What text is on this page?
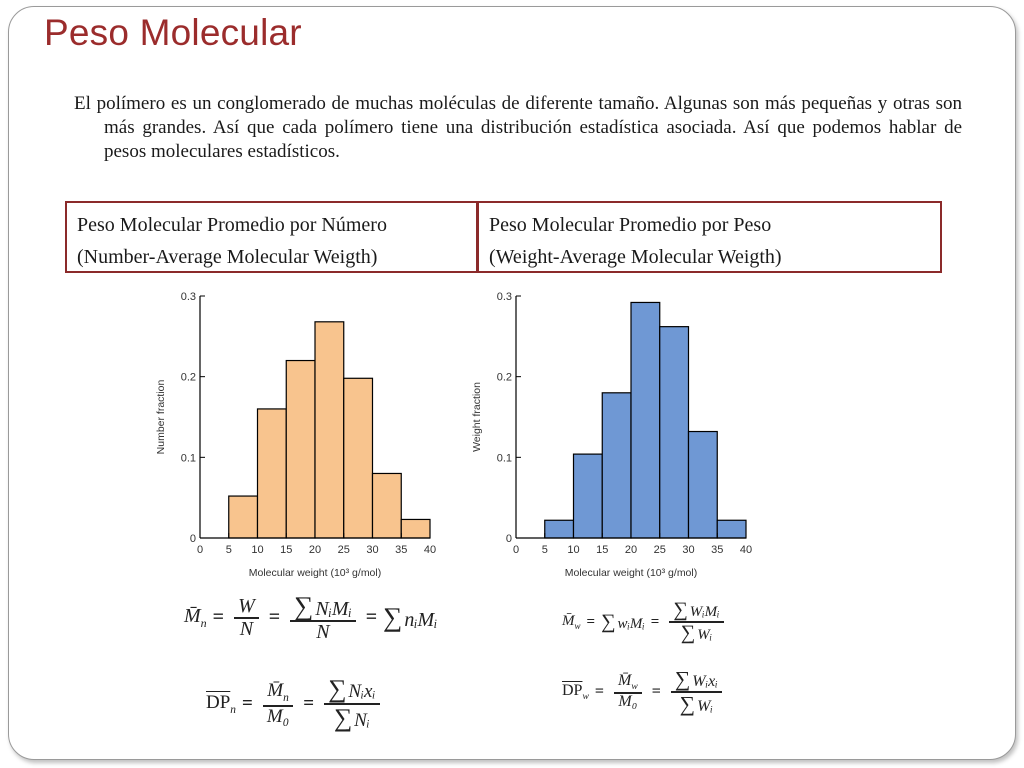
Peso Molecular
El polímero es un conglomerado de muchas moléculas de diferente tamaño. Algunas son más pequeñas y otras son más grandes. Así que cada polímero tiene una distribución estadística asociada. Así que podemos hablar de pesos moleculares estadísticos.
Peso Molecular Promedio por Número
(Number-Average Molecular Weigth)
Peso Molecular Promedio por Peso
(Weight-Average Molecular Weigth)
0
0.1
0.2
0.3
0 5 10 15 20 25 30 35 40
Molecular weight (10³ g/mol)
Number fraction
0
0.1
0.2
0.3
0 5 10 15 20 25 30 35 40
Molecular weight (10³ g/mol)
Weight fraction
$M̄_n = \frac{W}{N} = \frac{\text{∑ NᵢMᵢ}}{N}$ = ∑ nᵢMᵢ
$\overline{DP}_n = \frac{M̄_n}{\text{M₀}} = \frac{\text{∑ Nᵢxᵢ}}{\text{∑ Nᵢ}}$
$M̄_w$ = ∑ wᵢMᵢ = $\frac{\text{∑ WᵢMᵢ}}{\text{∑ Wᵢ}}$
$\overline{DP}_w = \frac{M̄_w}{\text{M₀}} = \frac{\text{∑ Wᵢxᵢ}}{\text{∑ Wᵢ}}$
